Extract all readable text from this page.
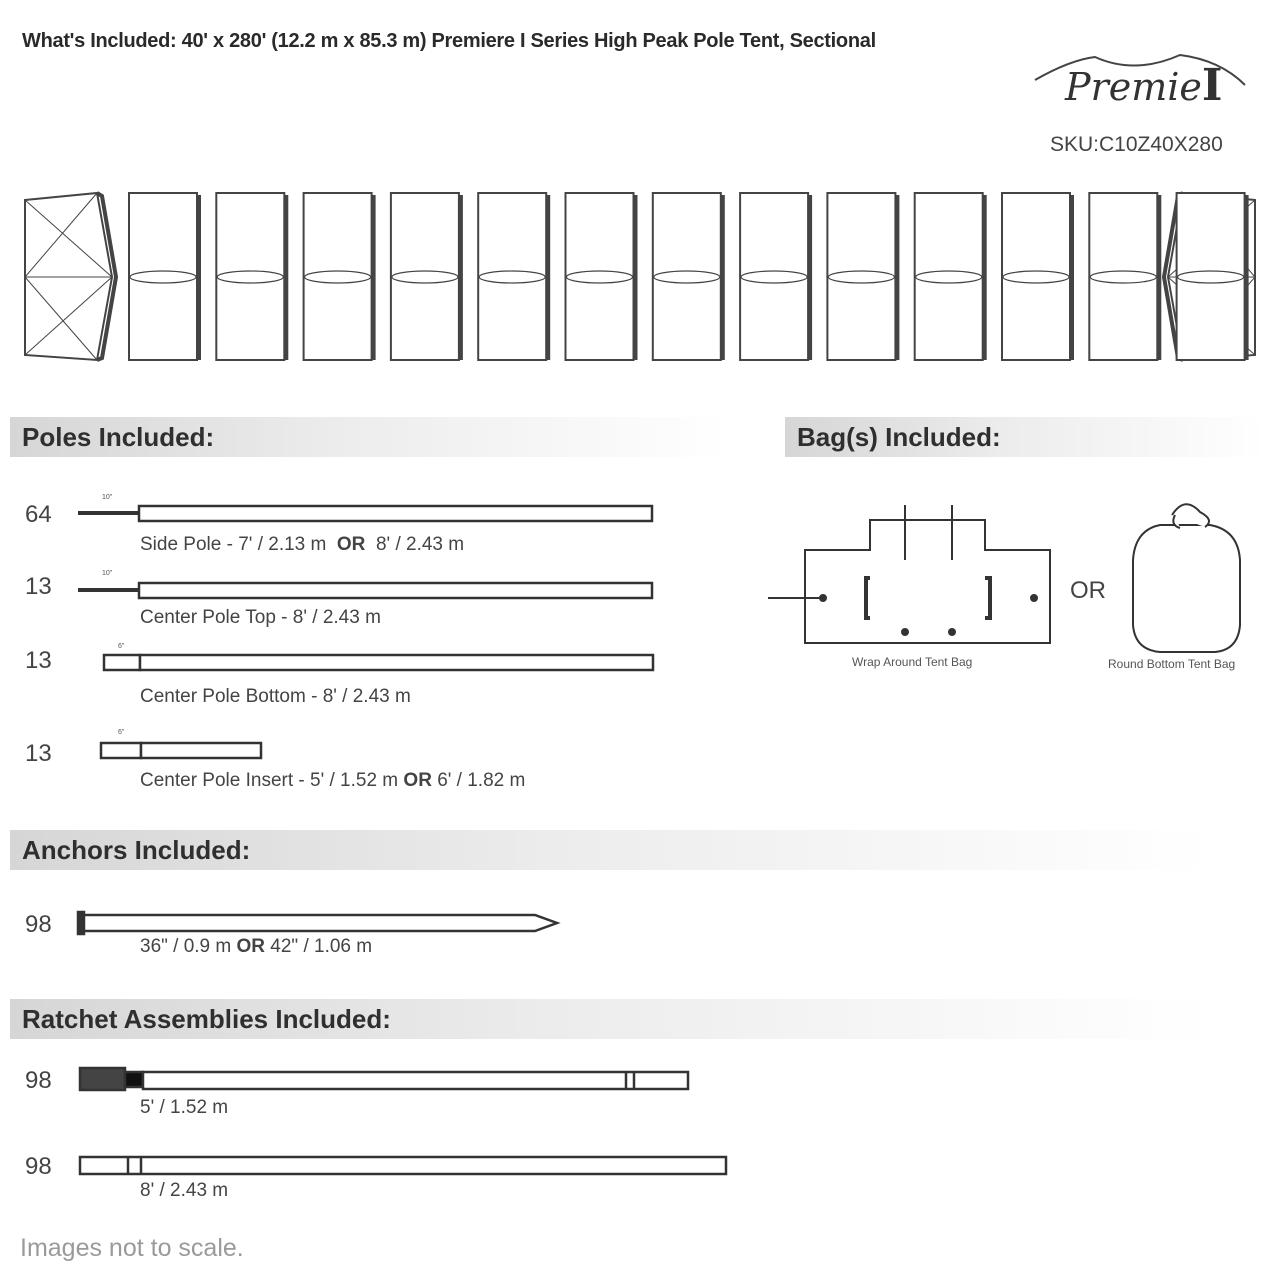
What's Included: 40' x 280' (12.2 m x 85.3 m) Premiere I Series High Peak Pole Tent, Sectional
PremieI
SKU:C10Z40X280
Poles Included:	Bag(s) Included:
Anchors Included:
Ratchet Assemblies Included:
10"
10"
6"
6"
64
Side Pole - 7' / 2.13 m OR 8' / 2.43 m
13
Center Pole Top - 8' / 2.43 m
13
Center Pole Bottom - 8' / 2.43 m
13
Center Pole Insert - 5' / 1.52 m OR 6' / 1.82 m
OR
Wrap Around Tent Bag	Round Bottom Tent Bag
98
36" / 0.9 m OR 42" / 1.06 m
98
5' / 1.52 m
98
8' / 2.43 m
Images not to scale.
